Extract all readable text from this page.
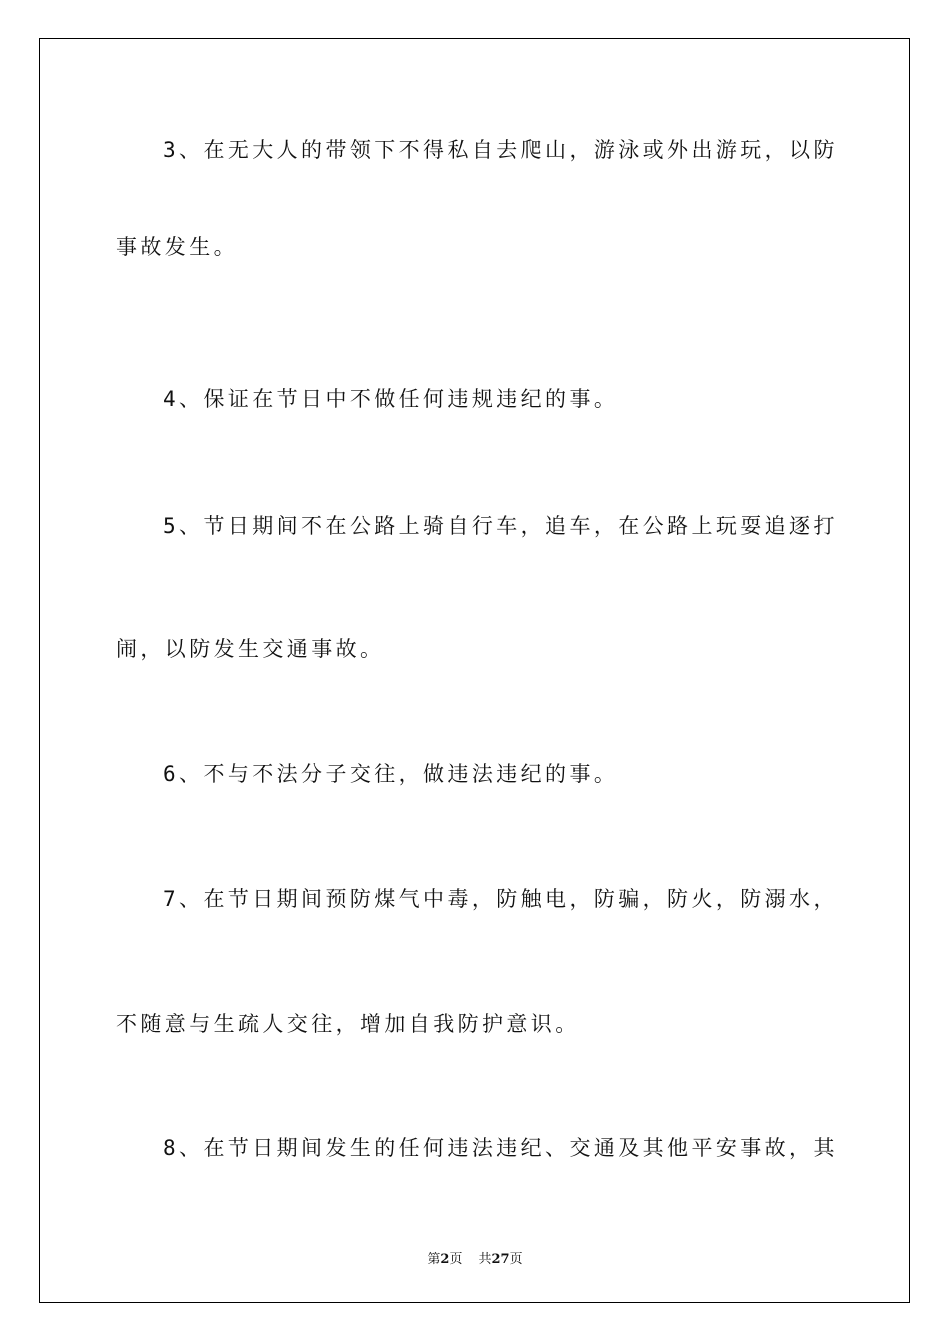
3、在无大人的带领下不得私自去爬山，游泳或外出游玩，以防

事故发生。

4、保证在节日中不做任何违规违纪的事。

5、节日期间不在公路上骑自行车，追车，在公路上玩耍追逐打

闹，以防发生交通事故。

6、不与不法分子交往，做违法违纪的事。

7、在节日期间预防煤气中毒，防触电，防骗，防火，防溺水，

不随意与生疏人交往，增加自我防护意识。

8、在节日期间发生的任何违法违纪、交通及其他平安事故，其

第2页 共27页
